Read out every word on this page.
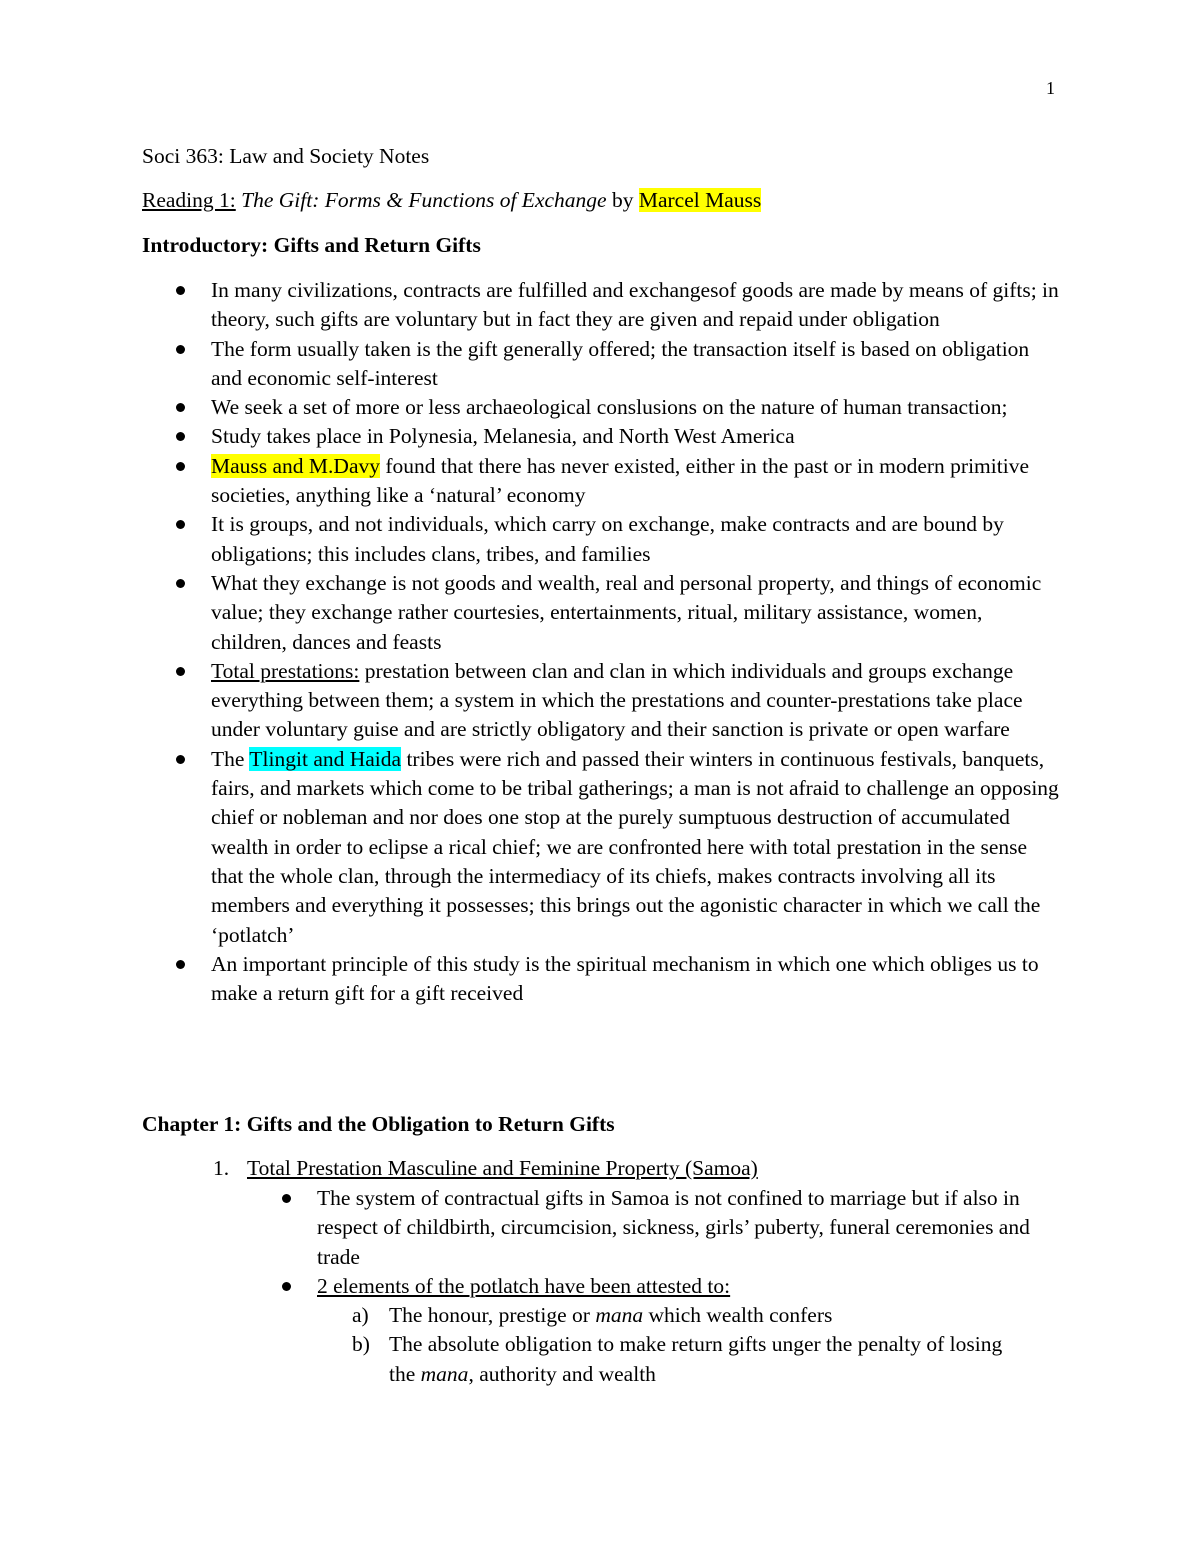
1
Soci 363: Law and Society Notes
Reading 1: The Gift: Forms & Functions of Exchange by Marcel Mauss
Introductory: Gifts and Return Gifts
In many civilizations, contracts are fulfilled and exchangesof goods are made by means of gifts; in theory, such gifts are voluntary but in fact they are given and repaid under obligation
The form usually taken is the gift generally offered; the transaction itself is based on obligation and economic self-interest
We seek a set of more or less archaeological conslusions on the nature of human transaction;
Study takes place in Polynesia, Melanesia, and North West America
Mauss and M.Davy found that there has never existed, either in the past or in modern primitive societies, anything like a ‘natural’ economy
It is groups, and not individuals, which carry on exchange, make contracts and are bound by obligations; this includes clans, tribes, and families
What they exchange is not goods and wealth, real and personal property, and things of economic value; they exchange rather courtesies, entertainments, ritual, military assistance, women, children, dances and feasts
Total prestations: prestation between clan and clan in which individuals and groups exchange everything between them; a system in which the prestations and counter-prestations take place under voluntary guise and are strictly obligatory and their sanction is private or open warfare
The Tlingit and Haida tribes were rich and passed their winters in continuous festivals, banquets, fairs, and markets which come to be tribal gatherings; a man is not afraid to challenge an opposing chief or nobleman and nor does one stop at the purely sumptuous destruction of accumulated wealth in order to eclipse a rical chief; we are confronted here with total prestation in the sense that the whole clan, through the intermediacy of its chiefs, makes contracts involving all its members and everything it possesses; this brings out the agonistic character in which we call the ‘potlatch’
An important principle of this study is the spiritual mechanism in which one which obliges us to make a return gift for a gift received
Chapter 1: Gifts and the Obligation to Return Gifts
1. Total Prestation Masculine and Feminine Property (Samoa)
The system of contractual gifts in Samoa is not confined to marriage but if also in respect of childbirth, circumcision, sickness, girls’ puberty, funeral ceremonies and trade
2 elements of the potlatch have been attested to:
a) The honour, prestige or mana which wealth confers
b) The absolute obligation to make return gifts unger the penalty of losing the mana, authority and wealth
